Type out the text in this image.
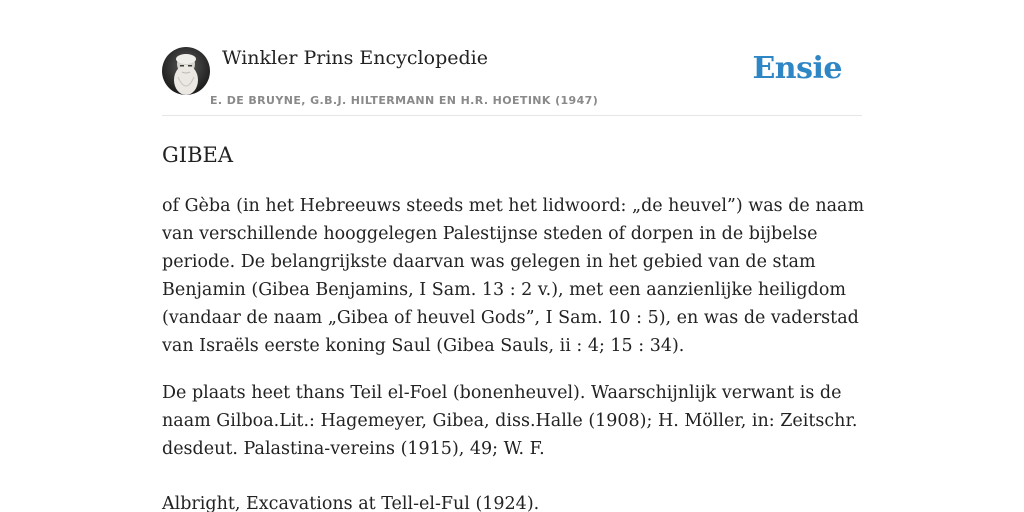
Winkler Prins Encyclopedie
E. DE BRUYNE, G.B.J. HILTERMANN EN H.R. HOETINK (1947)
Ensie
GIBEA

of Gèba (in het Hebreeuws steeds met het lidwoord: „de heuvel”) was de naam van verschillende hooggelegen Palestijnse steden of dorpen in de bijbelse periode. De belangrijkste daarvan was gelegen in het gebied van de stam Benjamin (Gibea Benjamins, I Sam. 13 : 2 v.), met een aanzienlijke heiligdom (vandaar de naam „Gibea of heuvel Gods”, I Sam. 10 : 5), en was de vaderstad van Israëls eerste koning Saul (Gibea Sauls, ii : 4; 15 : 34).

De plaats heet thans Teil el-Foel (bonenheuvel). Waarschijnlijk verwant is de naam Gilboa.Lit.: Hagemeyer, Gibea, diss.Halle (1908); H. Möller, in: Zeitschr. desdeut. Palastina-vereins (1915), 49; W. F.

Albright, Excavations at Tell-el-Ful (1924).
